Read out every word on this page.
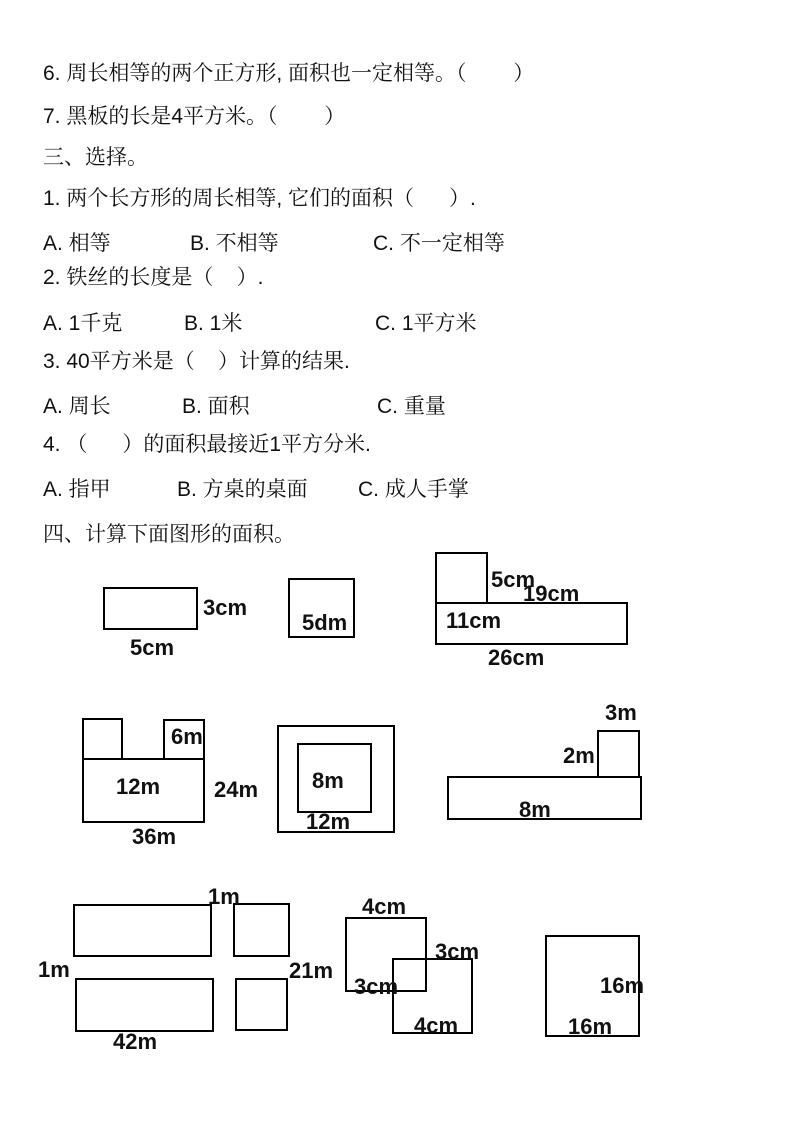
6. 周长相等的两个正方形, 面积也一定相等。（        ）
7. 黑板的长是4平方米。（        ）
三、选择。
1. 两个长方形的周长相等, 它们的面积（      ）.
A. 相等	B. 不相等	C. 不一定相等
2. 铁丝的长度是（    ）.
A. 1千克	B. 1米	C. 1平方米
3. 40平方米是（    ）计算的结果.
A. 周长	B. 面积	C. 重量
4. （      ）的面积最接近1平方分米.
A. 指甲	B. 方桌的桌面 C. 成人手掌
四、计算下面图形的面积。
3cm
5cm
5dm
5cm
19cm
11cm
26cm
6m
12m 24m
36m
8m
12m
3m
2m
8m
1m
1m	21m
42m
4cm
3cm
3cm
4cm
16m
16m
